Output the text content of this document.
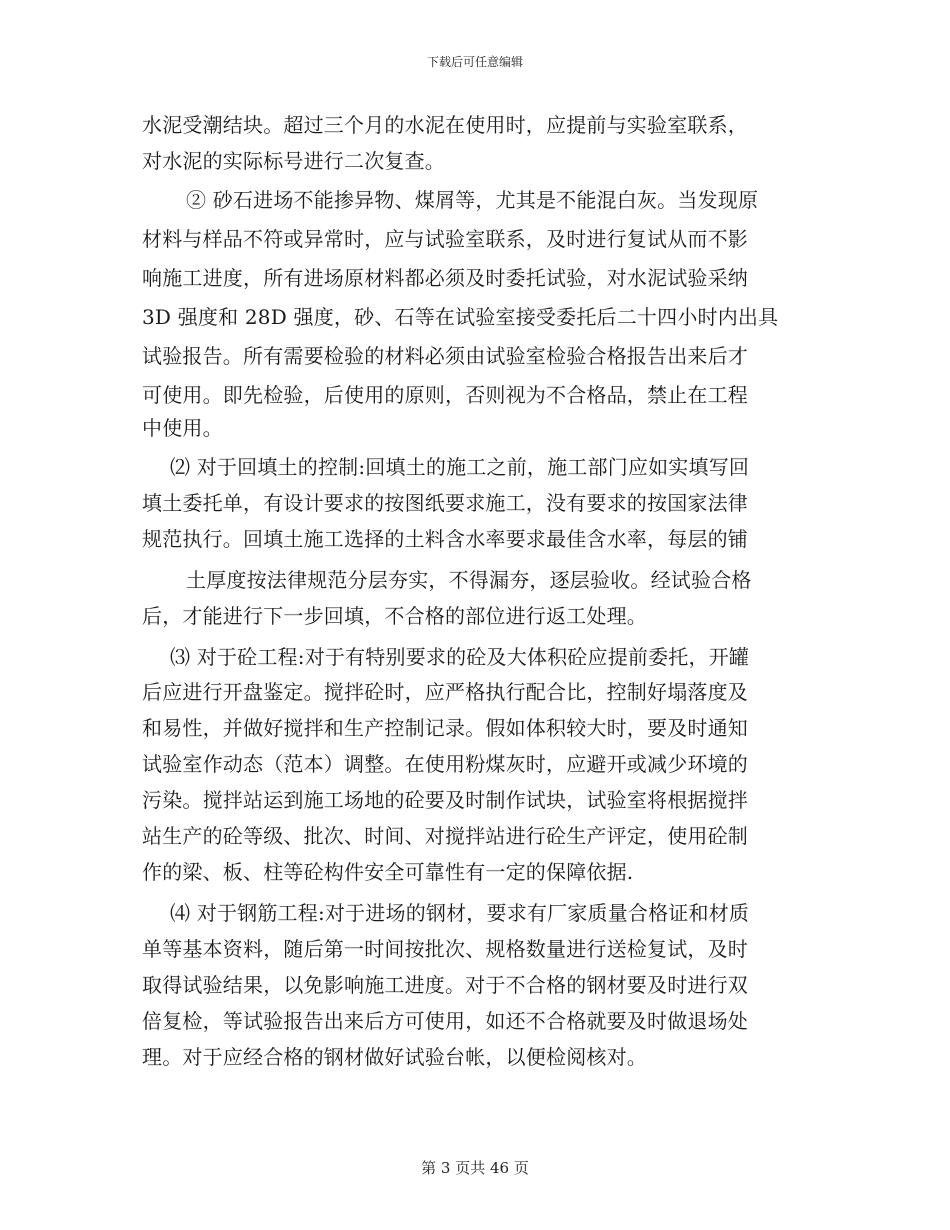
下载后可任意编辑
水泥受潮结块。超过三个月的水泥在使用时，应提前与实验室联系，
对水泥的实际标号进行二次复查。
② 砂石进场不能掺异物、煤屑等，尤其是不能混白灰。当发现原
材料与样品不符或异常时，应与试验室联系，及时进行复试从而不影
响施工进度，所有进场原材料都必须及时委托试验，对水泥试验采纳
3D 强度和 28D 强度，砂、石等在试验室接受委托后二十四小时内出具
试验报告。所有需要检验的材料必须由试验室检验合格报告出来后才
可使用。即先检验，后使用的原则，否则视为不合格品，禁止在工程
中使用。
⑵ 对于回填土的控制:回填土的施工之前，施工部门应如实填写回
填土委托单，有设计要求的按图纸要求施工，没有要求的按国家法律
规范执行。回填土施工选择的土料含水率要求最佳含水率，每层的铺
土厚度按法律规范分层夯实，不得漏夯，逐层验收。经试验合格
后，才能进行下一步回填，不合格的部位进行返工处理。
⑶ 对于砼工程:对于有特别要求的砼及大体积砼应提前委托，开罐
后应进行开盘鉴定。搅拌砼时，应严格执行配合比，控制好塌落度及
和易性，并做好搅拌和生产控制记录。假如体积较大时，要及时通知
试验室作动态（范本）调整。在使用粉煤灰时，应避开或减少环境的
污染。搅拌站运到施工场地的砼要及时制作试块，试验室将根据搅拌
站生产的砼等级、批次、时间、对搅拌站进行砼生产评定，使用砼制
作的梁、板、柱等砼构件安全可靠性有一定的保障依据.
⑷ 对于钢筋工程:对于进场的钢材，要求有厂家质量合格证和材质
单等基本资料，随后第一时间按批次、规格数量进行送检复试，及时
取得试验结果，以免影响施工进度。对于不合格的钢材要及时进行双
倍复检，等试验报告出来后方可使用，如还不合格就要及时做退场处
理。对于应经合格的钢材做好试验台帐，以便检阅核对。
第 3 页共 46 页
